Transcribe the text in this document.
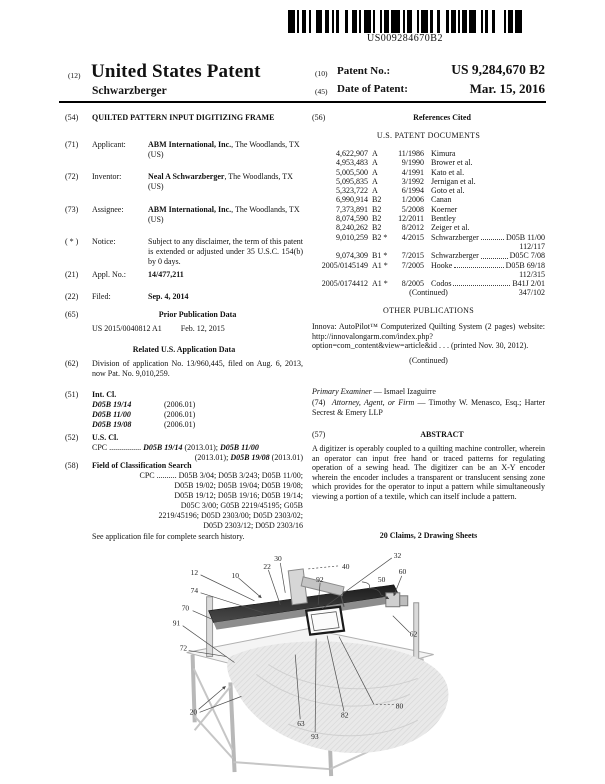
US009284670B2
(12) United States Patent
Schwarzberger
(10) Patent No.:	US 9,284,670 B2
(45) Date of Patent:	Mar. 15, 2016
(54)	QUILTED PATTERN INPUT DIGITIZING FRAME
(71)	Applicant:	ABM International, Inc., The Woodlands, TX (US)
(72)	Inventor:	Neal A Schwarzberger, The Woodlands, TX (US)
(73)	Assignee:	ABM International, Inc., The Woodlands, TX (US)
( * )	Notice:	Subject to any disclaimer, the term of this patent is extended or adjusted under 35 U.S.C. 154(b) by 0 days.
(21)	Appl. No.:	14/477,211
(22)	Filed:	Sep. 4, 2014
(65)	Prior Publication Data
US 2015/0040812 A1 Feb. 12, 2015
Related U.S. Application Data
(62)	Division of application No. 13/960,445, filed on Aug. 6, 2013, now Pat. No. 9,010,259.
(51)	Int. Cl.
D05B 19/14	(2006.01)
D05B 11/00	(2006.01)
D05B 19/08	(2006.01)
(52)	U.S. Cl.
CPC ................ D05B 19/14 (2013.01); D05B 11/00
(2013.01); D05B 19/08 (2013.01)
(58)	Field of Classification Search
CPC .......... D05B 3/04; D05B 3/243; D05B 11/00;
D05B 19/02; D05B 19/04; D05B 19/08;
D05B 19/12; D05B 19/16; D05B 19/14;
D05C 3/00; G05B 2219/45195; G05B
2219/45196; D05D 2303/00; D05D 2303/02;
D05D 2303/12; D05D 2303/16
See application file for complete search history.
(56)	References Cited
U.S. PATENT DOCUMENTS
4,622,907 A	11/1986 Kimura
4,953,483 A	9/1990 Brower et al.
5,005,500 A	4/1991 Kato et al.
5,095,835 A	3/1992 Jernigan et al.
5,323,722 A	6/1994 Goto et al.
6,990,914 B2	1/2006 Canan
7,373,891 B2	5/2008 Koerner
8,074,590 B2	12/2011 Bentley
8,240,262 B2	8/2012 Zeiger et al.
9,010,259 B2 *	4/2015 Schwarzberger	D05B 11/00
112/117
9,074,309 B1 *	7/2015 Schwarzberger	D05C 7/08
2005/0145149 A1 *	7/2005 Hooke	D05B 69/18
112/315
2005/0174412 A1 *	8/2005 Codos	B41J 2/01
347/102
(Continued)
OTHER PUBLICATIONS
Innova: AutoPilot™ Computerized Quilting System (2 pages) website: http://innovalongarm.com/index.php?option=com_content&view=article&id . . . (printed Nov. 30, 2012).
(Continued)
Primary Examiner — Ismael Izaguirre
(74) Attorney, Agent, or Firm — Timothy W. Menasco, Esq.; Harter Secrest & Emery LLP
(57)	ABSTRACT
A digitizer is operably coupled to a quilting machine controller, wherein an operator can input free hand or traced patterns for regulating operation of a sewing head. The digitizer can be an X-Y encoder wherein the encoder includes a transparent or translucent sensing zone which provides for the operator to input a pattern while simultaneously viewing a portion of a textile, which can itself include a pattern.
20 Claims, 2 Drawing Sheets
12	10
74
70
91
72
20
22
30
40
92
32
50
60
62
80
82
63
93
